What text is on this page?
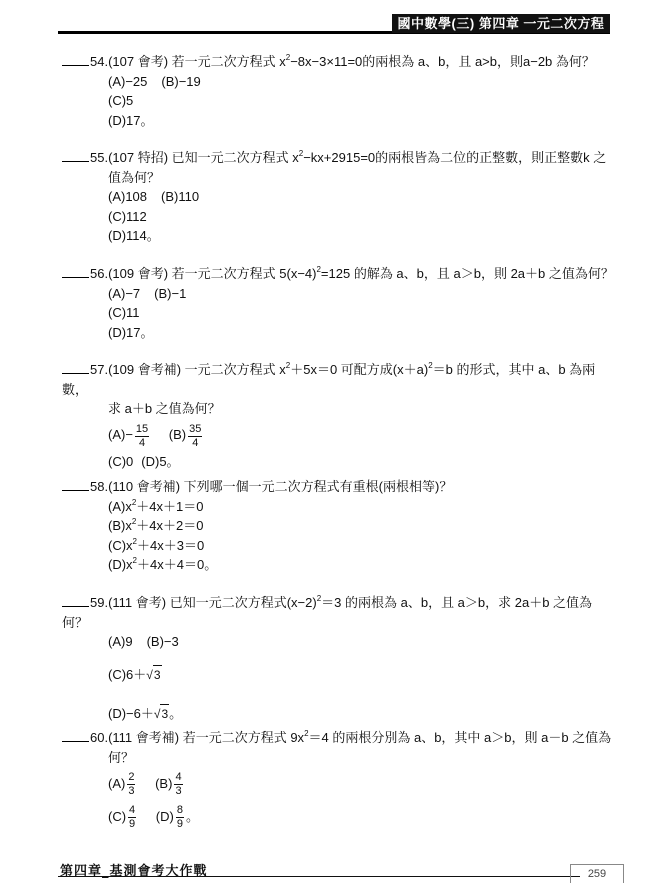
國中數學(三) 第四章 一元二次方程式
54.(107 會考) 若一元二次方程式 $x^2-8x-3\times 11=0$的兩根為 a、b，且 a>b，則a−2b 為何？
(A)−25 (B)−19
(C)5
(D)17。
55.(107 特招) 已知一元二次方程式 $x^2-kx+2915=0$的兩根皆為二位的正整數，則正整數k 之
值為何？
(A)108 (B)110
(C)112
(D)114。
56.(109 會考) 若一元二次方程式 $5(x-4)^2=125$ 的解為 a、b，且 a＞b，則 2a＋b 之值為何？
(A)−7 (B)−1
(C)11
(D)17。
57.(109 會考補) 一元二次方程式 $x^2+5x=0$ 可配方成$(x+a)^2=b$ 的形式，其中 a、b 為兩數，
求 a＋b 之值為何？
$(A)- \frac{15}{4} (B) \frac{35}{4}$
(C)0 (D)5。
58.(110 會考補) 下列哪一個一元二次方程式有重根(兩根相等)？
$(A)x^2+4x+1=0$
$(B)x^2+4x+2=0$
$(C)x^2+4x+3=0$
$(D)x^2+4x+4=0$。
59.(111 會考) 已知一元二次方程式$(x-2)^2=3$ 的兩根為 a、b，且 a＞b，求 2a＋b 之值為何？
(A)9 (B)−3
(C)6＋√3
(D)−6＋√3。
60.(111 會考補) 若一元二次方程式 $9x^2=4$ 的兩根分別為 a、b，其中 a＞b，則 a－b 之值為
何？
$(A) \frac{2}{3} (B) \frac{4}{3}$
$(C) \frac{4}{9} (D) \frac{8}{9}$ 。
第四章_基測會考大作戰	259
